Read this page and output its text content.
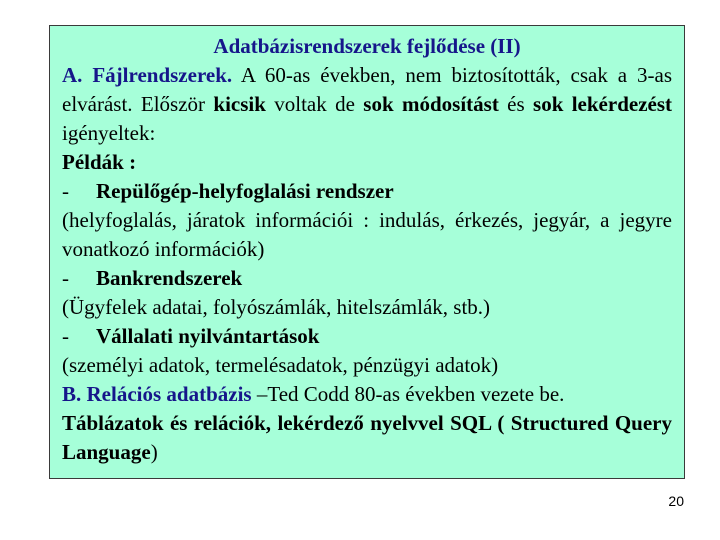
Adatbázisrendszerek fejlődése (II)

A. Fájlrendszerek. A 60-as években, nem biztosították, csak a 3-as elvárást. Először kicsik voltak de sok módosítást és sok lekérdezést igényeltek:

Példák :

- Repülőgép-helyfoglalási rendszer

(helyfoglalás, járatok információi : indulás, érkezés, jegyár, a jegyre vonatkozó információk)

- Bankrendszerek

(Ügyfelek adatai, folyószámlák, hitelszámlák, stb.)

- Vállalati nyilvántartások

(személyi adatok, termelésadatok, pénzügyi adatok)

B. Relációs adatbázis –Ted Codd 80-as években vezete be.

Táblázatok és relációk, lekérdező nyelvvel SQL ( Structured Query Language)

20
